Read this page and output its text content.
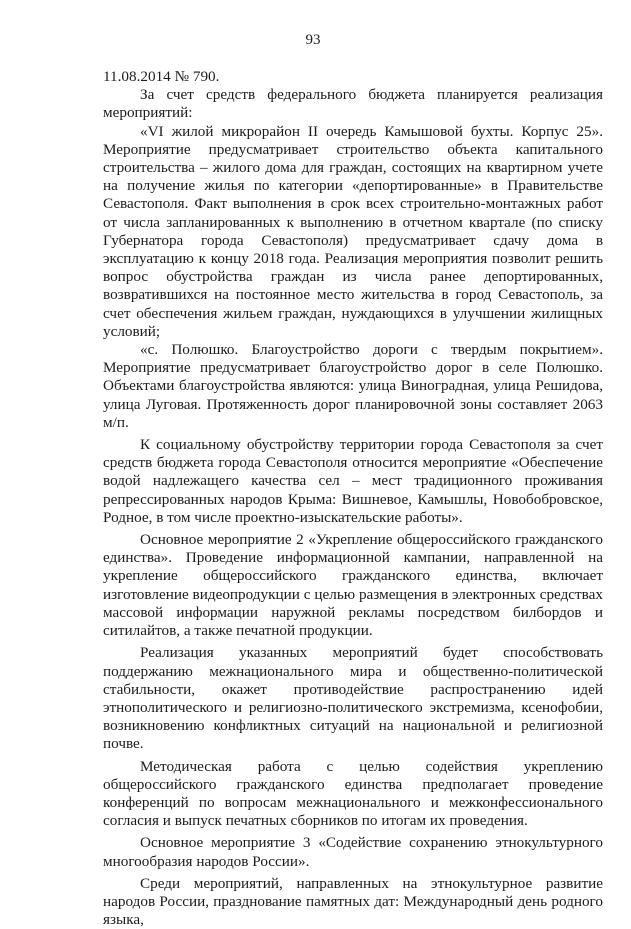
93

11.08.2014 № 790.

За счет средств федерального бюджета планируется реализация мероприятий:

«VI жилой микрорайон II очередь Камышовой бухты. Корпус 25». Мероприятие предусматривает строительство объекта капитального строительства – жилого дома для граждан, состоящих на квартирном учете на получение жилья по категории «депортированные» в Правительстве Севастополя. Факт выполнения в срок всех строительно-монтажных работ от числа запланированных к выполнению в отчетном квартале (по списку Губернатора города Севастополя) предусматривает сдачу дома в эксплуатацию к концу 2018 года. Реализация мероприятия позволит решить вопрос обустройства граждан из числа ранее депортированных, возвратившихся на постоянное место жительства в город Севастополь, за счет обеспечения жильем граждан, нуждающихся в улучшении жилищных условий;

«с. Полюшко. Благоустройство дороги с твердым покрытием». Мероприятие предусматривает благоустройство дорог в селе Полюшко. Объектами благоустройства являются: улица Виноградная, улица Решидова, улица Луговая. Протяженность дорог планировочной зоны составляет 2063 м/п.

К социальному обустройству территории города Севастополя за счет средств бюджета города Севастополя относится мероприятие «Обеспечение водой надлежащего качества сел – мест традиционного проживания репрессированных народов Крыма: Вишневое, Камышлы, Новобобровское, Родное, в том числе проектно-изыскательские работы».

Основное мероприятие 2 «Укрепление общероссийского гражданского единства». Проведение информационной кампании, направленной на укрепление общероссийского гражданского единства, включает изготовление видеопродукции с целью размещения в электронных средствах массовой информации наружной рекламы посредством билбордов и ситилайтов, а также печатной продукции.

Реализация указанных мероприятий будет способствовать поддержанию межнационального мира и общественно-политической стабильности, окажет противодействие распространению идей этнополитического и религиозно-политического экстремизма, ксенофобии, возникновению конфликтных ситуаций на национальной и религиозной почве.

Методическая работа с целью содействия укреплению общероссийского гражданского единства предполагает проведение конференций по вопросам межнационального и межконфессионального согласия и выпуск печатных сборников по итогам их проведения.

Основное мероприятие 3 «Содействие сохранению этнокультурного многообразия народов России».

Среди мероприятий, направленных на этнокультурное развитие народов России, празднование памятных дат: Международный день родного языка,
